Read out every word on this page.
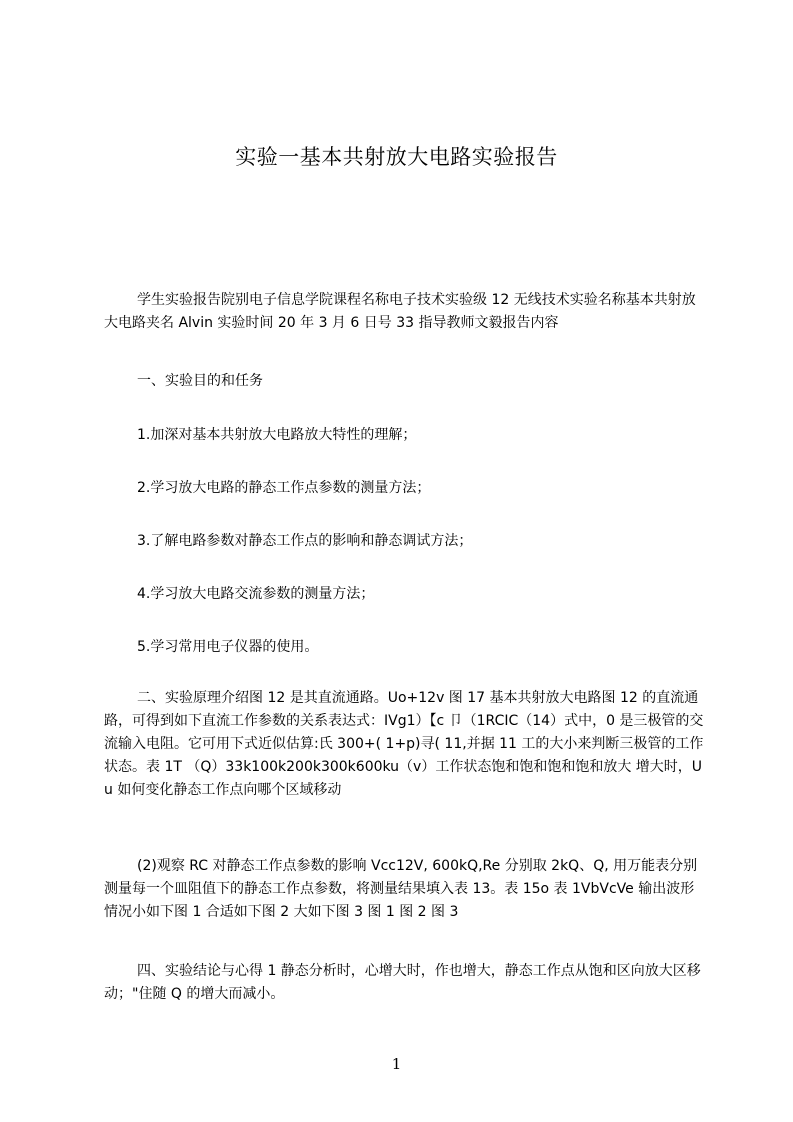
实验一基本共射放大电路实验报告

学生实验报告院别电子信息学院课程名称电子技术实验级 12 无线技术实验名称基本共射放大电路夹名 Alvin 实验时间 20 年 3 月 6 日号 33 指导教师文毅报告内容

一、实验目的和任务

1.加深对基本共射放大电路放大特性的理解；

2.学习放大电路的静态工作点参数的测量方法；

3.了解电路参数对静态工作点的影响和静态调试方法；

4.学习放大电路交流参数的测量方法；

5.学习常用电子仪器的使用。

二、实验原理介绍图 12 是其直流通路。Uo+12v 图 17 基本共射放大电路图 12 的直流通路，可得到如下直流工作参数的关系表达式：IVg1）【c 卩（1RCIC（14）式中，0 是三极管的交流输入电阻。它可用下式近似估算:氏 300+( 1+p)寻( 11,并据 11 工的大小来判断三极管的工作状态。表 1T （Q）33k100k200k300k600ku（v）工作状态饱和饱和饱和饱和放大 增大时，Uu 如何变化静态工作点向哪个区域移动

(2)观察 RC 对静态工作点参数的影响 Vcc12V, 600kQ,Re 分别取 2kQ、Q, 用万能表分别测量每一个皿阻值下的静态工作点参数，将测量结果填入表 13。表 15o 表 1VbVcVe 输出波形情况小如下图 1 合适如下图 2 大如下图 3 图 1 图 2 图 3

四、实验结论与心得 1 静态分析时，心增大时，作也增大，静态工作点从饱和区向放大区移动；"住随 Q 的增大而减小。

1
